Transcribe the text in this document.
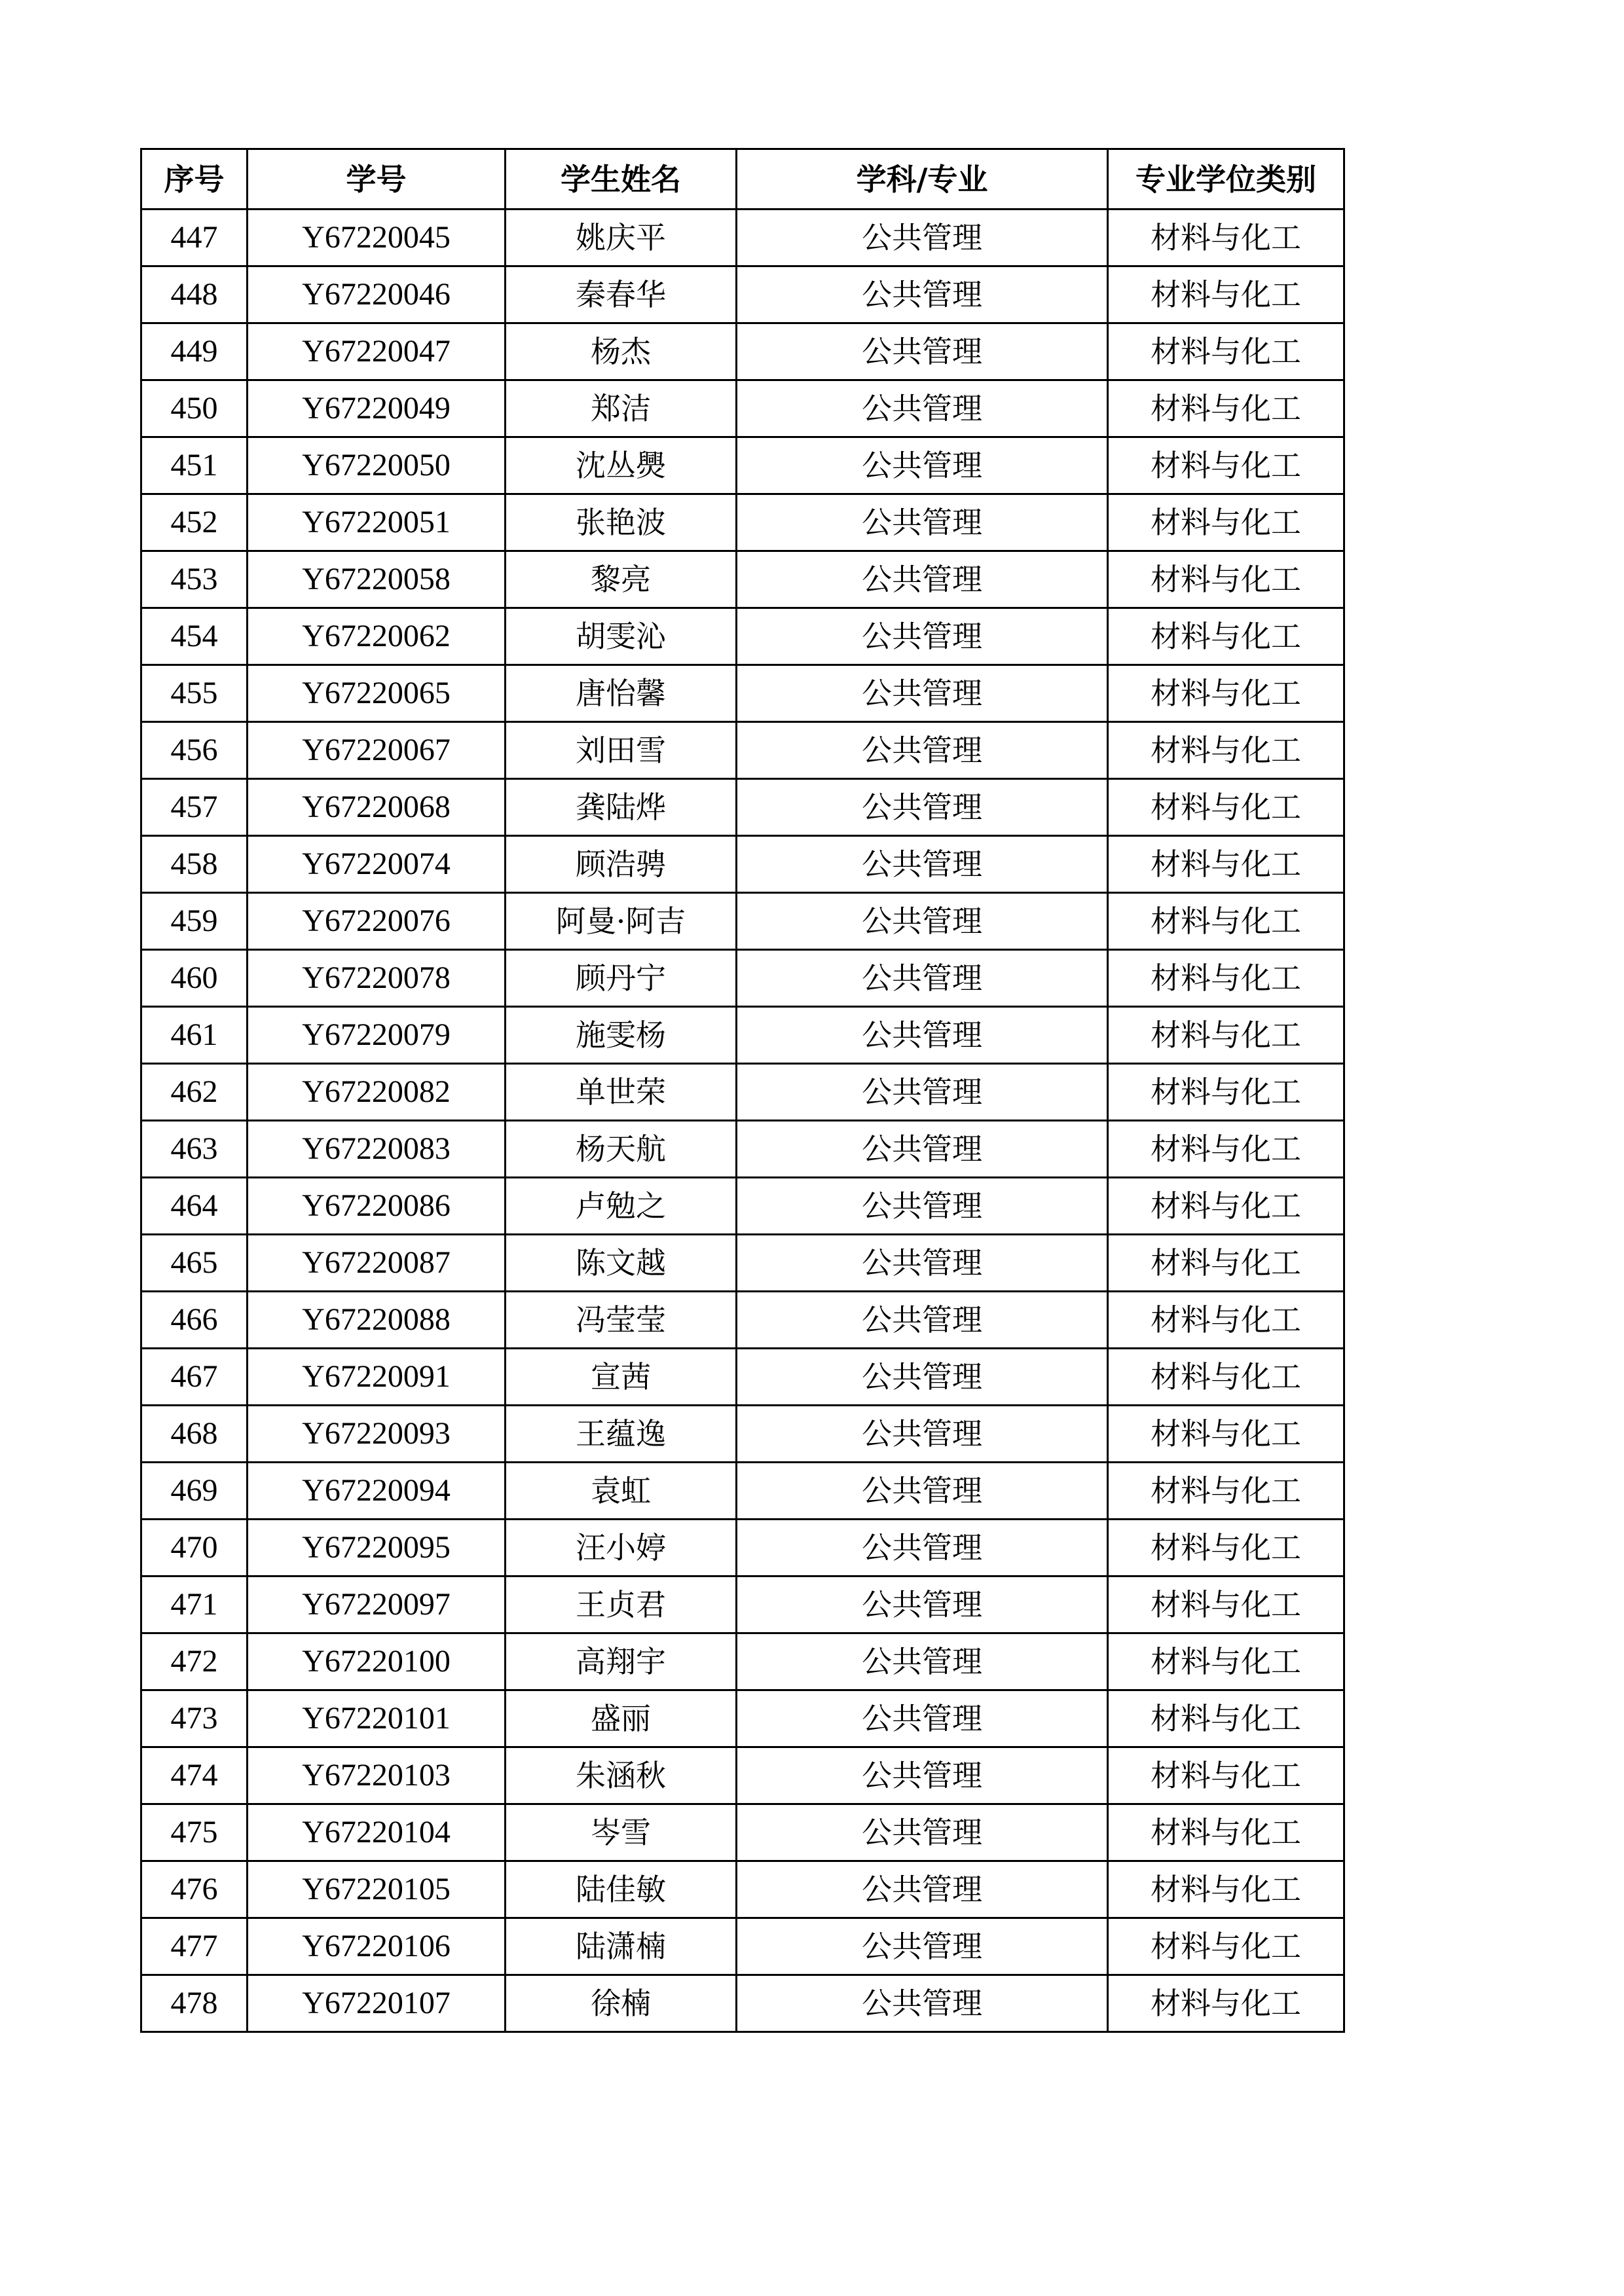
序号	学号	学生姓名	学科/专业	专业学位类别
447	Y67220045	姚庆平	公共管理	材料与化工
448	Y67220046	秦春华	公共管理	材料与化工
449	Y67220047	杨杰	公共管理	材料与化工
450	Y67220049	郑洁	公共管理	材料与化工
451	Y67220050	沈丛爂	公共管理	材料与化工
452	Y67220051	张艳波	公共管理	材料与化工
453	Y67220058	黎亮	公共管理	材料与化工
454	Y67220062	胡雯沁	公共管理	材料与化工
455	Y67220065	唐怡馨	公共管理	材料与化工
456	Y67220067	刘田雪	公共管理	材料与化工
457	Y67220068	龚陆烨	公共管理	材料与化工
458	Y67220074	顾浩骋	公共管理	材料与化工
459	Y67220076	阿曼·阿吉	公共管理	材料与化工
460	Y67220078	顾丹宁	公共管理	材料与化工
461	Y67220079	施雯杨	公共管理	材料与化工
462	Y67220082	单世荣	公共管理	材料与化工
463	Y67220083	杨天航	公共管理	材料与化工
464	Y67220086	卢勉之	公共管理	材料与化工
465	Y67220087	陈文越	公共管理	材料与化工
466	Y67220088	冯莹莹	公共管理	材料与化工
467	Y67220091	宣茜	公共管理	材料与化工
468	Y67220093	王蕴逸	公共管理	材料与化工
469	Y67220094	袁虹	公共管理	材料与化工
470	Y67220095	汪小婷	公共管理	材料与化工
471	Y67220097	王贞君	公共管理	材料与化工
472	Y67220100	高翔宇	公共管理	材料与化工
473	Y67220101	盛丽	公共管理	材料与化工
474	Y67220103	朱涵秋	公共管理	材料与化工
475	Y67220104	岑雪	公共管理	材料与化工
476	Y67220105	陆佳敏	公共管理	材料与化工
477	Y67220106	陆潇楠	公共管理	材料与化工
478	Y67220107	徐楠	公共管理	材料与化工
